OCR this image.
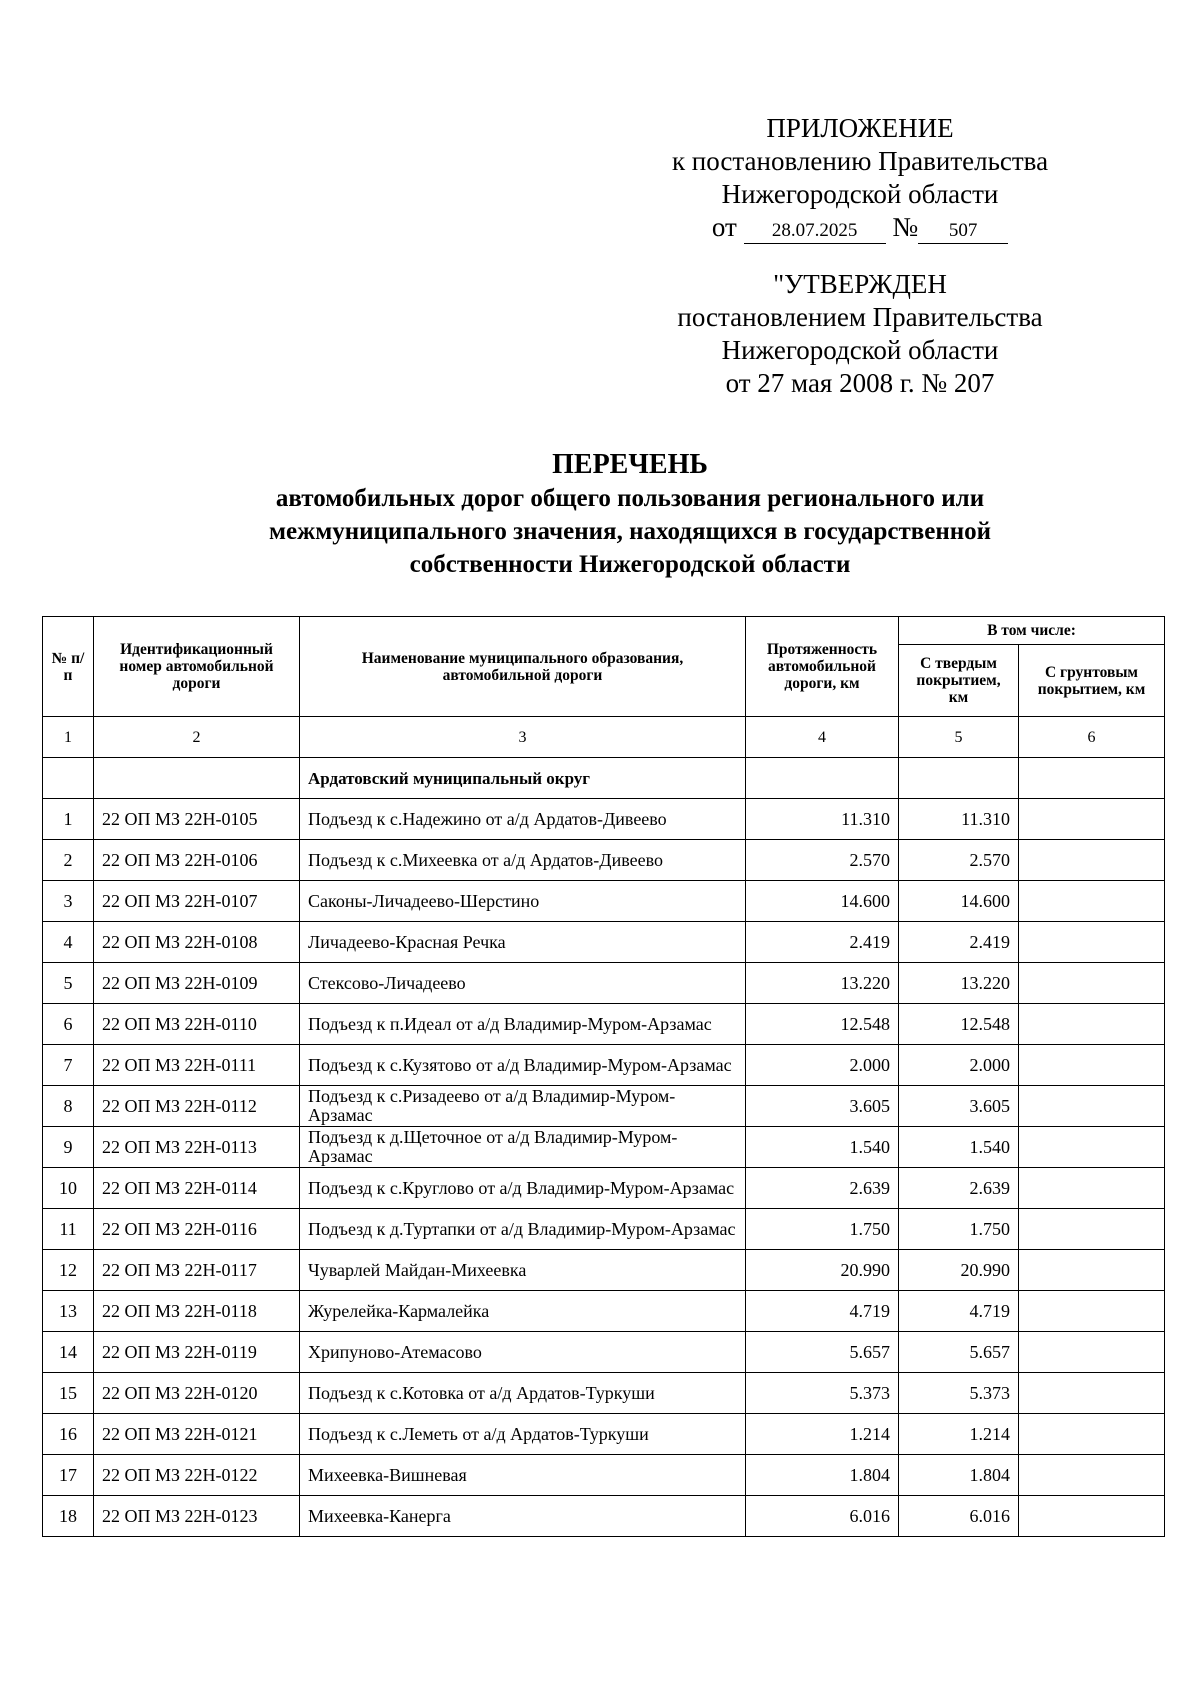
ПРИЛОЖЕНИЕ
к постановлению Правительства
Нижегородской области
от 28.07.2025 № 507
"УТВЕРЖДЕН
постановлением Правительства
Нижегородской области
от 27 мая 2008 г. № 207
ПЕРЕЧЕНЬ
автомобильных дорог общего пользования регионального или
межмуниципального значения, находящихся в государственной
собственности Нижегородской области
№ п/п	Идентификационный номер автомобильной дороги	Наименование муниципального образования, автомобильной дороги	Протяженность автомобильной дороги, км	В том числе:	
				С твердым покрытием, км	С грунтовым покрытием, км
1	2	3	4	5	6
		Ардатовский муниципальный округ			
1	22 ОП МЗ 22Н-0105	Подъезд к с.Надежино от а/д Ардатов-Дивеево	11.310	11.310	
2	22 ОП МЗ 22Н-0106	Подъезд к с.Михеевка от а/д Ардатов-Дивеево	2.570	2.570	
3	22 ОП МЗ 22Н-0107	Саконы-Личадеево-Шерстино	14.600	14.600	
4	22 ОП МЗ 22Н-0108	Личадеево-Красная Речка	2.419	2.419	
5	22 ОП МЗ 22Н-0109	Стексово-Личадеево	13.220	13.220	
6	22 ОП МЗ 22Н-0110	Подъезд к п.Идеал от а/д Владимир-Муром-Арзамас	12.548	12.548	
7	22 ОП МЗ 22Н-0111	Подъезд к с.Кузятово от а/д Владимир-Муром-Арзамас	2.000	2.000	
8	22 ОП МЗ 22Н-0112	Подъезд к с.Ризадеево от а/д Владимир-Муром-Арзамас	3.605	3.605	
9	22 ОП МЗ 22Н-0113	Подъезд к д.Щеточное от а/д Владимир-Муром-Арзамас	1.540	1.540	
10	22 ОП МЗ 22Н-0114	Подъезд к с.Круглово от а/д Владимир-Муром-Арзамас	2.639	2.639	
11	22 ОП МЗ 22Н-0116	Подъезд к д.Туртапки от а/д Владимир-Муром-Арзамас	1.750	1.750	
12	22 ОП МЗ 22Н-0117	Чуварлей Майдан-Михеевка	20.990	20.990	
13	22 ОП МЗ 22Н-0118	Журелейка-Кармалейка	4.719	4.719	
14	22 ОП МЗ 22Н-0119	Хрипуново-Атемасово	5.657	5.657	
15	22 ОП МЗ 22Н-0120	Подъезд к с.Котовка от а/д Ардатов-Туркуши	5.373	5.373	
16	22 ОП МЗ 22Н-0121	Подъезд к с.Леметь от а/д Ардатов-Туркуши	1.214	1.214	
17	22 ОП МЗ 22Н-0122	Михеевка-Вишневая	1.804	1.804	
18	22 ОП МЗ 22Н-0123	Михеевка-Канерга	6.016	6.016	
